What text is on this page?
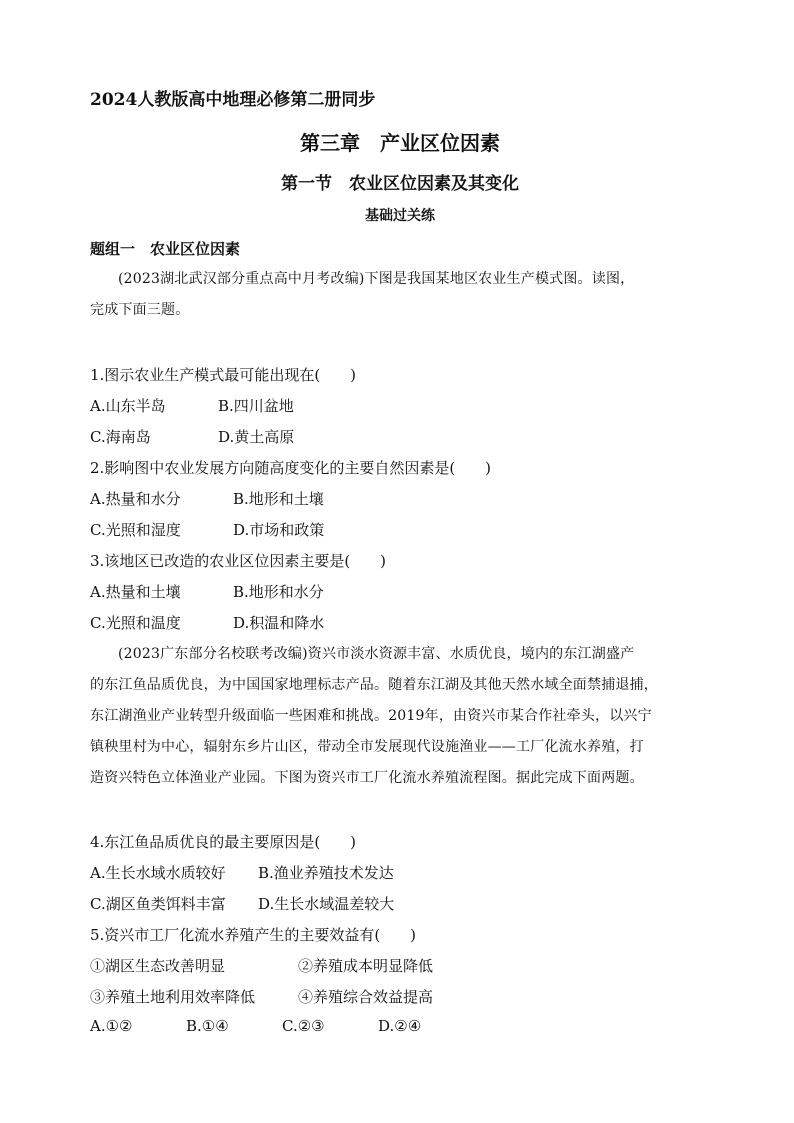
2024人教版高中地理必修第二册同步
第三章　产业区位因素
第一节　农业区位因素及其变化
基础过关练
题组一　农业区位因素
(2023湖北武汉部分重点高中月考改编)下图是我国某地区农业生产模式图。读图，
完成下面三题。
1.图示农业生产模式最可能出现在(　　)
A.山东半岛	B.四川盆地
C.海南岛	D.黄土高原
2.影响图中农业发展方向随高度变化的主要自然因素是(　　)
A.热量和水分	B.地形和土壤
C.光照和湿度	D.市场和政策
3.该地区已改造的农业区位因素主要是(　　)
A.热量和土壤	B.地形和水分
C.光照和温度	D.积温和降水
(2023广东部分名校联考改编)资兴市淡水资源丰富、水质优良，境内的东江湖盛产
的东江鱼品质优良，为中国国家地理标志产品。随着东江湖及其他天然水域全面禁捕退捕，
东江湖渔业产业转型升级面临一些困难和挑战。2019年，由资兴市某合作社牵头，以兴宁
镇秧里村为中心，辐射东乡片山区，带动全市发展现代设施渔业——工厂化流水养殖，打
造资兴特色立体渔业产业园。下图为资兴市工厂化流水养殖流程图。据此完成下面两题。
4.东江鱼品质优良的最主要原因是(　　)
A.生长水域水质较好 B.渔业养殖技术发达
C.湖区鱼类饵料丰富 D.生长水域温差较大
5.资兴市工厂化流水养殖产生的主要效益有(　　)
①湖区生态改善明显	②养殖成本明显降低
③养殖土地利用效率降低	④养殖综合效益提高
A.①②	B.①④	C.②③	D.②④
